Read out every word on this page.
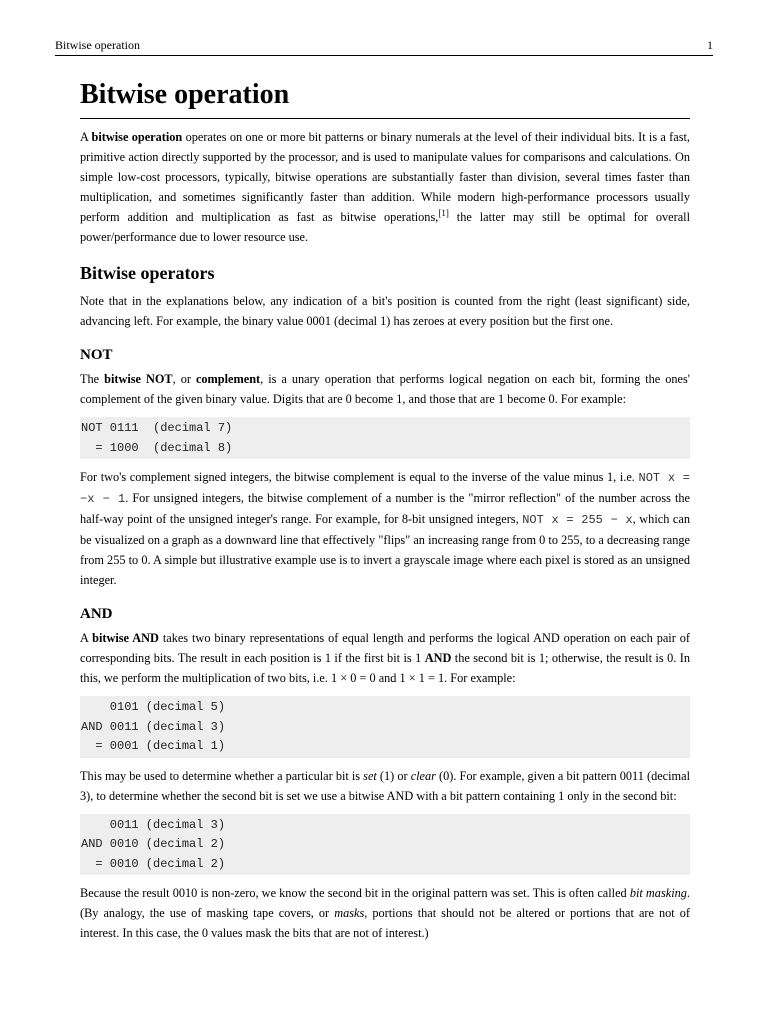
Bitwise operation	1
Bitwise operation

A bitwise operation operates on one or more bit patterns or binary numerals at the level of their individual bits. It is a fast, primitive action directly supported by the processor, and is used to manipulate values for comparisons and calculations. On simple low-cost processors, typically, bitwise operations are substantially faster than division, several times faster than multiplication, and sometimes significantly faster than addition. While modern high-performance processors usually perform addition and multiplication as fast as bitwise operations,[1] the latter may still be optimal for overall power/performance due to lower resource use.

Bitwise operators

Note that in the explanations below, any indication of a bit's position is counted from the right (least significant) side, advancing left. For example, the binary value 0001 (decimal 1) has zeroes at every position but the first one.

NOT

The bitwise NOT, or complement, is a unary operation that performs logical negation on each bit, forming the ones' complement of the given binary value. Digits that are 0 become 1, and those that are 1 become 0. For example:

NOT 0111  (decimal 7)
= 1000  (decimal 8)

For two's complement signed integers, the bitwise complement is equal to the inverse of the value minus 1, i.e. NOT x = −x − 1. For unsigned integers, the bitwise complement of a number is the "mirror reflection" of the number across the half-way point of the unsigned integer's range. For example, for 8-bit unsigned integers, NOT x = 255 − x, which can be visualized on a graph as a downward line that effectively "flips" an increasing range from 0 to 255, to a decreasing range from 255 to 0. A simple but illustrative example use is to invert a grayscale image where each pixel is stored as an unsigned integer.

AND

A bitwise AND takes two binary representations of equal length and performs the logical AND operation on each pair of corresponding bits. The result in each position is 1 if the first bit is 1 AND the second bit is 1; otherwise, the result is 0. In this, we perform the multiplication of two bits, i.e. 1 × 0 = 0 and 1 × 1 = 1. For example:

0101 (decimal 5)
AND 0011 (decimal 3)
= 0001 (decimal 1)

This may be used to determine whether a particular bit is set (1) or clear (0). For example, given a bit pattern 0011 (decimal 3), to determine whether the second bit is set we use a bitwise AND with a bit pattern containing 1 only in the second bit:

0011 (decimal 3)
AND 0010 (decimal 2)
= 0010 (decimal 2)

Because the result 0010 is non-zero, we know the second bit in the original pattern was set. This is often called bit masking. (By analogy, the use of masking tape covers, or masks, portions that should not be altered or portions that are not of interest. In this case, the 0 values mask the bits that are not of interest.)
